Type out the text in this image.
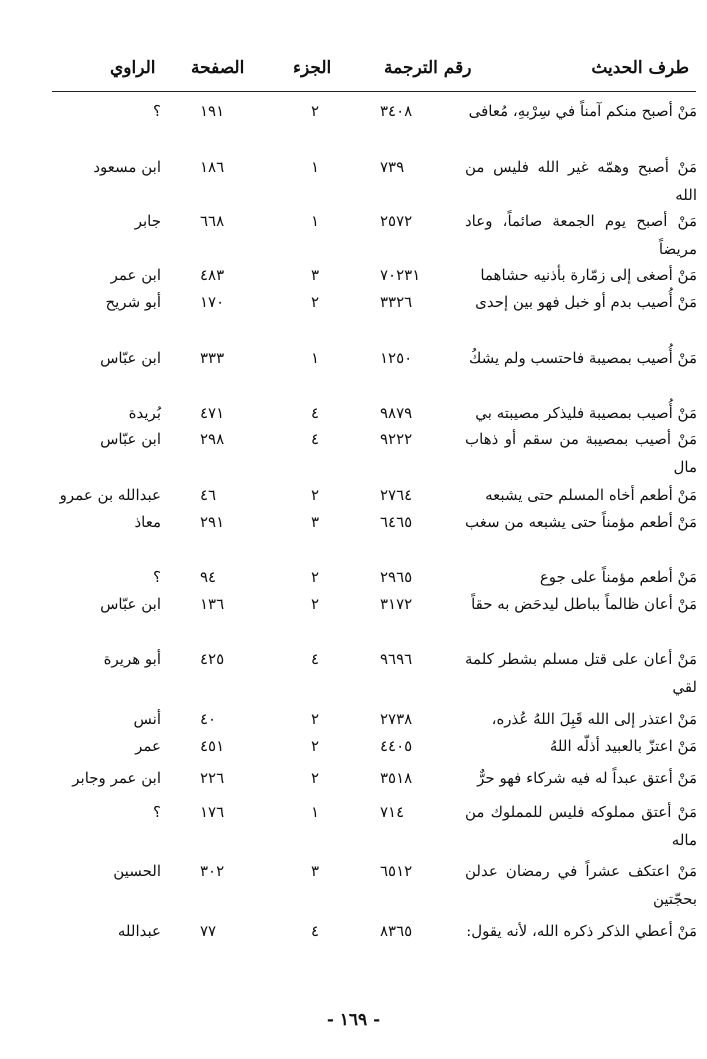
طرف الحديث
رقم الترجمة
الجزء
الصفحة
الراوي
مَنْ أصبح منكم آمناً في سِرْبهِ، مُعافى
٣٤٠٨
٢
١٩١
؟
مَنْ أصبح وهمّه غير الله فليس من الله
٧٣٩
١
١٨٦
ابن مسعود
مَنْ أصبح يوم الجمعة صائماً، وعاد مريضاً
٢٥٧٢
١
٦٦٨
جابر
مَنْ أصغى إلى زمّارة بأذنيه حشاهما
٧٠٢٣١
٣
٤٨٣
ابن عمر
مَنْ أُصيب بدم أو خبل فهو بين إحدى
٣٣٢٦
٢
١٧٠
أبو شريح
مَنْ أُصيب بمصيبة فاحتسب ولم يشكُ
١٢٥٠
١
٣٣٣
ابن عبّاس
مَنْ أُصيب بمصيبة فليذكر مصيبته بي
٩٨٧٩
٤
٤٧١
بُريدة
مَنْ أصيب بمصيبة من سقم أو ذهاب مال
٩٢٢٢
٤
٢٩٨
ابن عبّاس
مَنْ أطعم أخاه المسلم حتى يشبعه
٢٧٦٤
٢
٤٦
عبدالله بن عمرو
مَنْ أطعم مؤمناً حتى يشبعه من سغب
٦٤٦٥
٣
٢٩١
معاذ
مَنْ أطعم مؤمناً على جوع
٢٩٦٥
٢
٩٤
؟
مَنْ أعان ظالماً بباطل ليدحَض به حقاً
٣١٧٢
٢
١٣٦
ابن عبّاس
مَنْ أعان على قتل مسلم بشطر كلمة لقي
٩٦٩٦
٤
٤٢٥
أبو هريرة
مَنْ اعتذر إلى الله قَبِلَ اللهُ عُذره،
٢٧٣٨
٢
٤٠
أنس
مَنْ اعتزّ بالعبيد أذلّه اللهُ
٤٤٠٥
٢
٤٥١
عمر
مَنْ أعتق عبداً له فيه شركاء فهو حرٌّ
٣٥١٨
٢
٢٢٦
ابن عمر وجابر
مَنْ أعتق مملوكه فليس للمملوك من ماله
٧١٤
١
١٧٦
؟
مَنْ اعتكف عشراً في رمضان عدلن بحجّتين
٦٥١٢
٣
٣٠٢
الحسين
مَنْ أعطي الذكر ذكره الله، لأنه يقول:
٨٣٦٥
٤
٧٧
عبدالله
- ١٦٩ -
